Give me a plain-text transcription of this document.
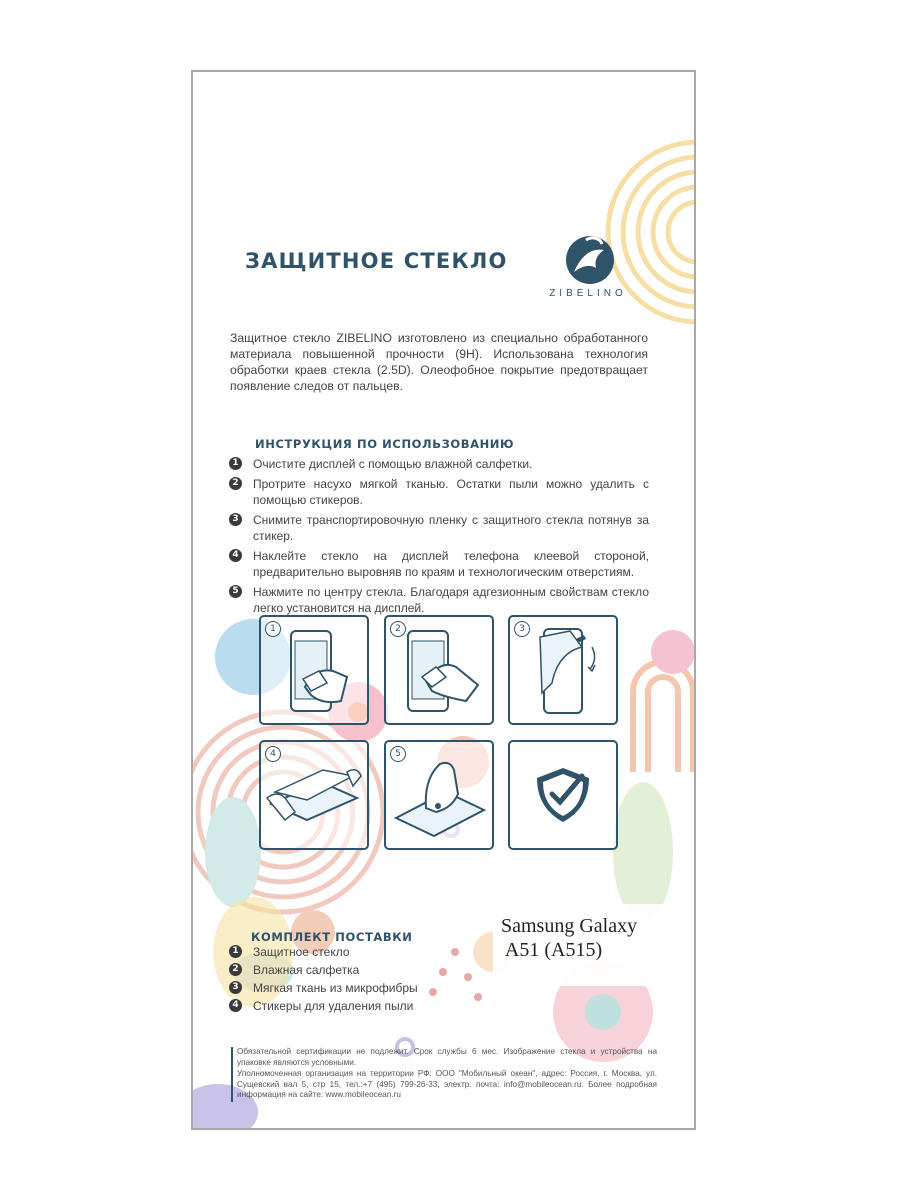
ЗАЩИТНОЕ СТЕКЛО
ZIBELINO
Защитное стекло ZIBELINO изготовлено из специально обработанного материала повышенной прочности (9H). Использована технология обработки краев стекла (2.5D). Олеофобное покрытие предотвращает появление следов от пальцев.
ИНСТРУКЦИЯ ПО ИСПОЛЬЗОВАНИЮ
1 Очистите дисплей с помощью влажной салфетки.
2 Протрите насухо мягкой тканью. Остатки пыли можно удалить с помощью стикеров.
3 Снимите транспортировочную пленку с защитного стекла потянув за стикер.
4 Наклейте стекло на дисплей телефона клеевой стороной, предварительно выровняв по краям и технологическим отверстиям.
5 Нажмите по центру стекла. Благодаря адгезионным свойствам стекло легко установится на дисплей.
1	2	3
4	5
КОМПЛЕКТ ПОСТАВКИ
1 Защитное стекло
2 Влажная салфетка
3 Мягкая ткань из микрофибры
4 Стикеры для удаления пыли
Samsung Galaxy
A51 (A515)

Обязательной сертификации не подлежит. Срок службы 6 мес. Изображение стекла и устройства на упаковке являются условными.

Уполномоченная организация на территории РФ: ООО "Мобильный океан", адрес: Россия, г. Москва, ул. Сущевский вал 5, стр 15, тел.:+7 (495) 799-26-33, электр. почта: info@mobileocean.ru. Более подробная информация на сайте: www.mobileocean.ru
